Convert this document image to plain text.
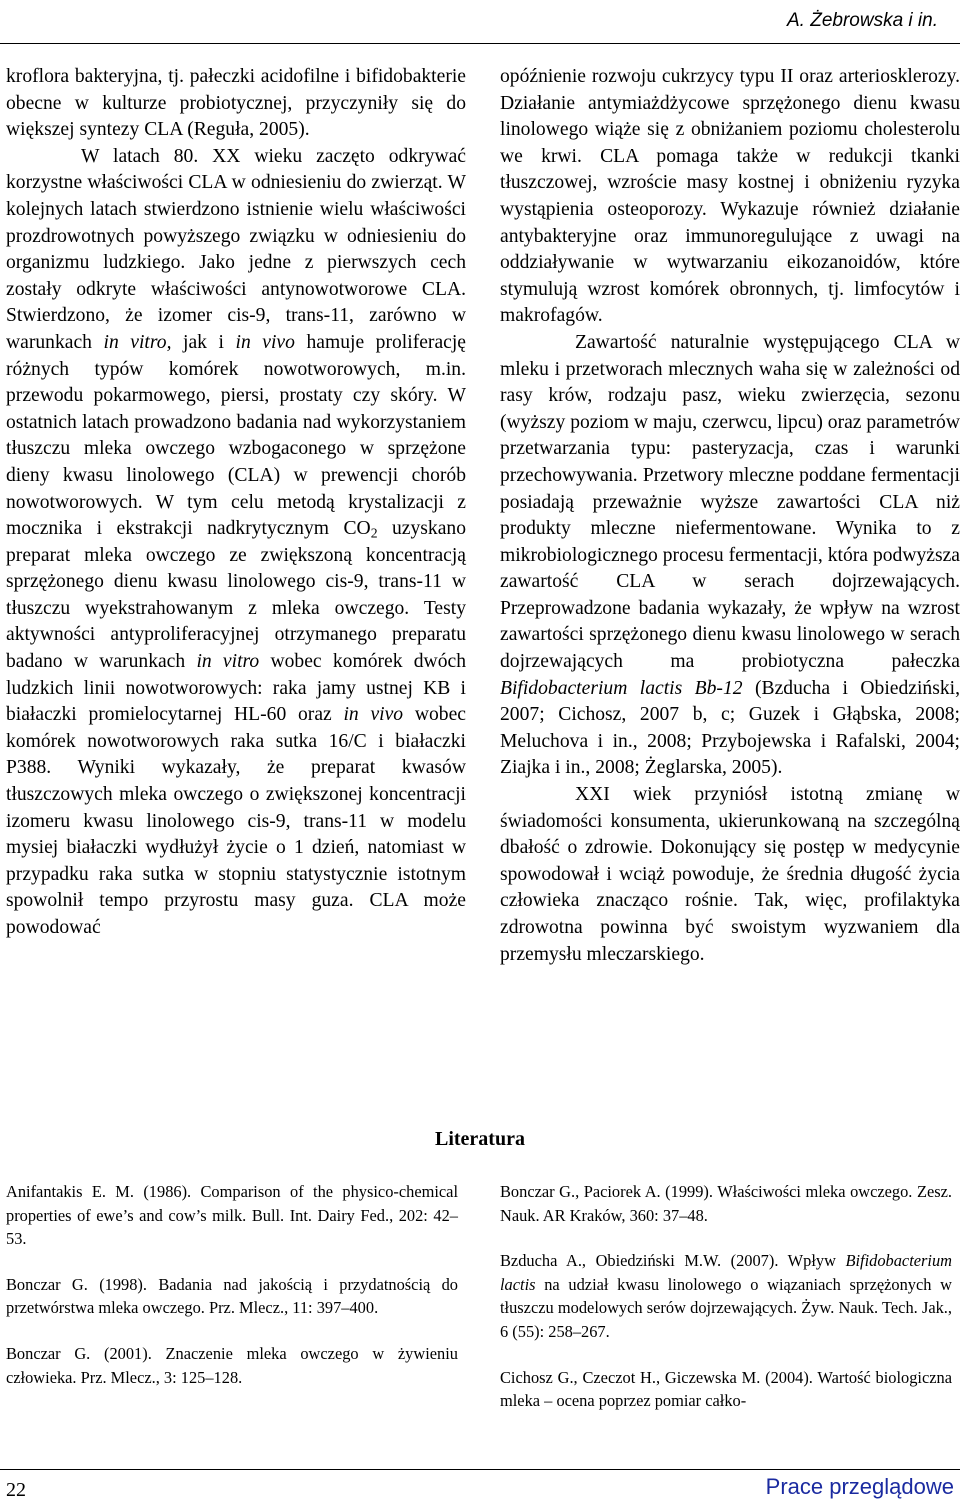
A. Żebrowska i in.

kroflora bakteryjna, tj. pałeczki acidofilne i bifidobakterie obecne w kulturze probiotycznej, przyczyniły się do większej syntezy CLA (Reguła, 2005).

W latach 80. XX wieku zaczęto odkrywać korzystne właściwości CLA w odniesieniu do zwierząt. W kolejnych latach stwierdzono istnienie wielu właściwości prozdrowotnych powyższego związku w odniesieniu do organizmu ludzkiego. Jako jedne z pierwszych cech zostały odkryte właściwości antynowotworowe CLA. Stwierdzono, że izomer cis-9, trans-11, zarówno w warunkach in vitro, jak i in vivo hamuje proliferację różnych typów komórek nowotworowych, m.in. przewodu pokarmowego, piersi, prostaty czy skóry. W ostatnich latach prowadzono badania nad wykorzystaniem tłuszczu mleka owczego wzbogaconego w sprzężone dieny kwasu linolowego (CLA) w prewencji chorób nowotworowych. W tym celu metodą krystalizacji z mocznika i ekstrakcji nadkrytycznym $CO_2$ uzyskano preparat mleka owczego ze zwiększoną koncentracją sprzężonego dienu kwasu linolowego cis-9, trans-11 w tłuszczu wyekstrahowanym z mleka owczego. Testy aktywności antyproliferacyjnej otrzymanego preparatu badano w warunkach in vitro wobec komórek dwóch ludzkich linii nowotworowych: raka jamy ustnej KB i białaczki promielocytarnej HL-60 oraz in vivo wobec komórek nowotworowych raka sutka 16/C i białaczki P388. Wyniki wykazały, że preparat kwasów tłuszczowych mleka owczego o zwiększonej koncentracji izomeru kwasu linolowego cis-9, trans-11 w modelu mysiej białaczki wydłużył życie o 1 dzień, natomiast w przypadku raka sutka w stopniu statystycznie istotnym spowolnił tempo przyrostu masy guza. CLA może powodować

opóźnienie rozwoju cukrzycy typu II oraz arteriosklerozy. Działanie antymiażdżycowe sprzężonego dienu kwasu linolowego wiąże się z obniżaniem poziomu cholesterolu we krwi. CLA pomaga także w redukcji tkanki tłuszczowej, wzroście masy kostnej i obniżeniu ryzyka wystąpienia osteoporozy. Wykazuje również działanie antybakteryjne oraz immunoregulujące z uwagi na oddziaływanie w wytwarzaniu eikozanoidów, które stymulują wzrost komórek obronnych, tj. limfocytów i makrofagów.

Zawartość naturalnie występującego CLA w mleku i przetworach mlecznych waha się w zależności od rasy krów, rodzaju pasz, wieku zwierzęcia, sezonu (wyższy poziom w maju, czerwcu, lipcu) oraz parametrów przetwarzania typu: pasteryzacja, czas i warunki przechowywania. Przetwory mleczne poddane fermentacji posiadają przeważnie wyższe zawartości CLA niż produkty mleczne niefermentowane. Wynika to z mikrobiologicznego procesu fermentacji, która podwyższa zawartość CLA w serach dojrzewających. Przeprowadzone badania wykazały, że wpływ na wzrost zawartości sprzężonego dienu kwasu linolowego w serach dojrzewających ma probiotyczna pałeczka Bifidobacterium lactis Bb-12 (Bzducha i Obiedziński, 2007; Cichosz, 2007 b, c; Guzek i Głąbska, 2008; Meluchova i in., 2008; Przybojewska i Rafalski, 2004; Ziajka i in., 2008; Żeglarska, 2005).

XXI wiek przyniósł istotną zmianę w świadomości konsumenta, ukierunkowaną na szczególną dbałość o zdrowie. Dokonujący się postęp w medycynie spowodował i wciąż powoduje, że średnia długość życia człowieka znacząco rośnie. Tak, więc, profilaktyka zdrowotna powinna być swoistym wyzwaniem dla przemysłu mleczarskiego.

Literatura
Anifantakis E. M. (1986). Comparison of the physico-chemical properties of ewe’s and cow’s milk. Bull. Int. Dairy Fed., 202: 42–53.
Bonczar G. (1998). Badania nad jakością i przydatnością do przetwórstwa mleka owczego. Prz. Mlecz., 11: 397–400.
Bonczar G. (2001). Znaczenie mleka owczego w żywieniu człowieka. Prz. Mlecz., 3: 125–128.
Bonczar G., Paciorek A. (1999). Właściwości mleka owczego. Zesz. Nauk. AR Kraków, 360: 37–48.
Bzducha A., Obiedziński M.W. (2007). Wpływ Bifidobacterium lactis na udział kwasu linolowego o wiązaniach sprzężonych w tłuszczu modelowych serów dojrzewających. Żyw. Nauk. Tech. Jak., 6 (55): 258–267.
Cichosz G., Czeczot H., Giczewska M. (2004). Wartość biologiczna mleka – ocena poprzez pomiar całko-
22	Prace przeglądowe
